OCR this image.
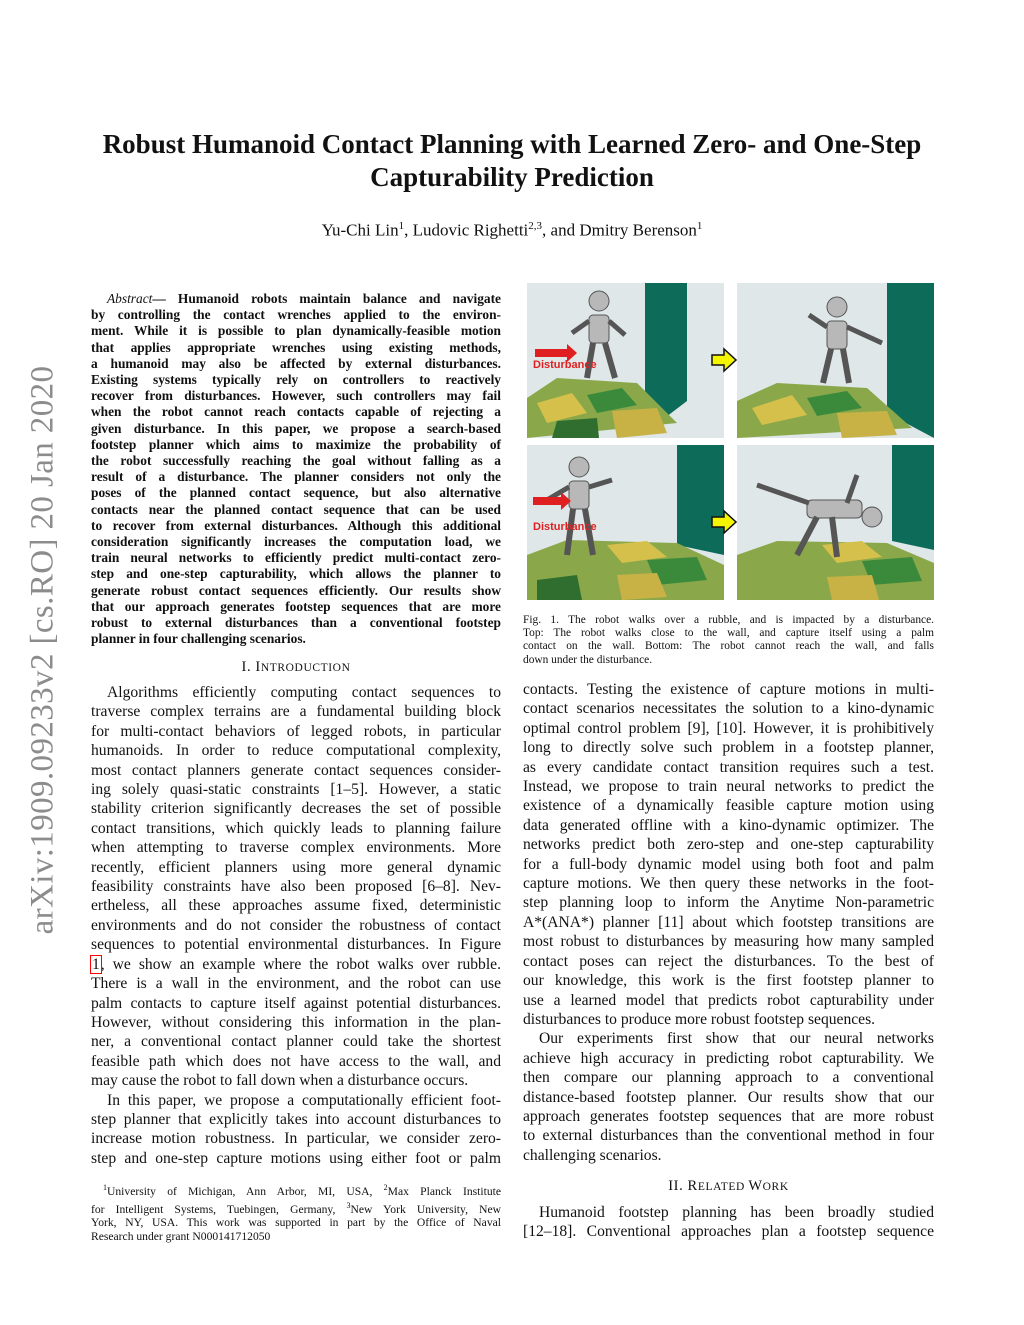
arXiv:1909.09233v2 [cs.RO] 20 Jan 2020
Robust Humanoid Contact Planning with Learned Zero- and One-Step
Capturability Prediction
Yu-Chi Lin$^1$, Ludovic Righetti$^{2,3}$, and Dmitry Berenson$^1$
Abstract— Humanoid robots maintain balance and navigate
by controlling the contact wrenches applied to the environ-
ment. While it is possible to plan dynamically-feasible motion
that applies appropriate wrenches using existing methods,
a humanoid may also be affected by external disturbances.
Existing systems typically rely on controllers to reactively
recover from disturbances. However, such controllers may fail
when the robot cannot reach contacts capable of rejecting a
given disturbance. In this paper, we propose a search-based
footstep planner which aims to maximize the probability of
the robot successfully reaching the goal without falling as a
result of a disturbance. The planner considers not only the
poses of the planned contact sequence, but also alternative
contacts near the planned contact sequence that can be used
to recover from external disturbances. Although this additional
consideration significantly increases the computation load, we
train neural networks to efficiently predict multi-contact zero-
step and one-step capturability, which allows the planner to
generate robust contact sequences efficiently. Our results show
that our approach generates footstep sequences that are more
robust to external disturbances than a conventional footstep
planner in four challenging scenarios.
I. INTRODUCTION
Algorithms efficiently computing contact sequences to
traverse complex terrains are a fundamental building block
for multi-contact behaviors of legged robots, in particular
humanoids. In order to reduce computational complexity,
most contact planners generate contact sequences consider-
ing solely quasi-static constraints [1–5]. However, a static
stability criterion significantly decreases the set of possible
contact transitions, which quickly leads to planning failure
when attempting to traverse complex environments. More
recently, efficient planners using more general dynamic
feasibility constraints have also been proposed [6–8]. Nev-
ertheless, all these approaches assume fixed, deterministic
environments and do not consider the robustness of contact
sequences to potential environmental disturbances. In Figure
1, we show an example where the robot walks over rubble.
There is a wall in the environment, and the robot can use
palm contacts to capture itself against potential disturbances.
However, without considering this information in the plan-
ner, a conventional contact planner could take the shortest
feasible path which does not have access to the wall, and
may cause the robot to fall down when a disturbance occurs.
In this paper, we propose a computationally efficient foot-
step planner that explicitly takes into account disturbances to
increase motion robustness. In particular, we consider zero-
step and one-step capture motions using either foot or palm
$^1$University of Michigan, Ann Arbor, MI, USA, $^2$Max Planck Institute
for Intelligent Systems, Tuebingen, Germany, $^3$New York University, New
York, NY, USA. This work was supported in part by the Office of Naval
Research under grant N000141712050
Disturbance
Disturbance
Fig. 1. The robot walks over a rubble, and is impacted by a disturbance.
Top: The robot walks close to the wall, and capture itself using a palm
contact on the wall. Bottom: The robot cannot reach the wall, and falls
down under the disturbance.
contacts. Testing the existence of capture motions in multi-
contact scenarios necessitates the solution to a kino-dynamic
optimal control problem [9], [10]. However, it is prohibitively
long to directly solve such problem in a footstep planner,
as every candidate contact transition requires such a test.
Instead, we propose to train neural networks to predict the
existence of a dynamically feasible capture motion using
data generated offline with a kino-dynamic optimizer. The
networks predict both zero-step and one-step capturability
for a full-body dynamic model using both foot and palm
capture motions. We then query these networks in the foot-
step planning loop to inform the Anytime Non-parametric
A*(ANA*) planner [11] about which footstep transitions are
most robust to disturbances by measuring how many sampled
contact poses can reject the disturbances. To the best of
our knowledge, this work is the first footstep planner to
use a learned model that predicts robot capturability under
disturbances to produce more robust footstep sequences.
Our experiments first show that our neural networks
achieve high accuracy in predicting robot capturability. We
then compare our planning approach to a conventional
distance-based footstep planner. Our results show that our
approach generates footstep sequences that are more robust
to external disturbances than the conventional method in four
challenging scenarios.
II. RELATED WORK
Humanoid footstep planning has been broadly studied
[12–18]. Conventional approaches plan a footstep sequence
